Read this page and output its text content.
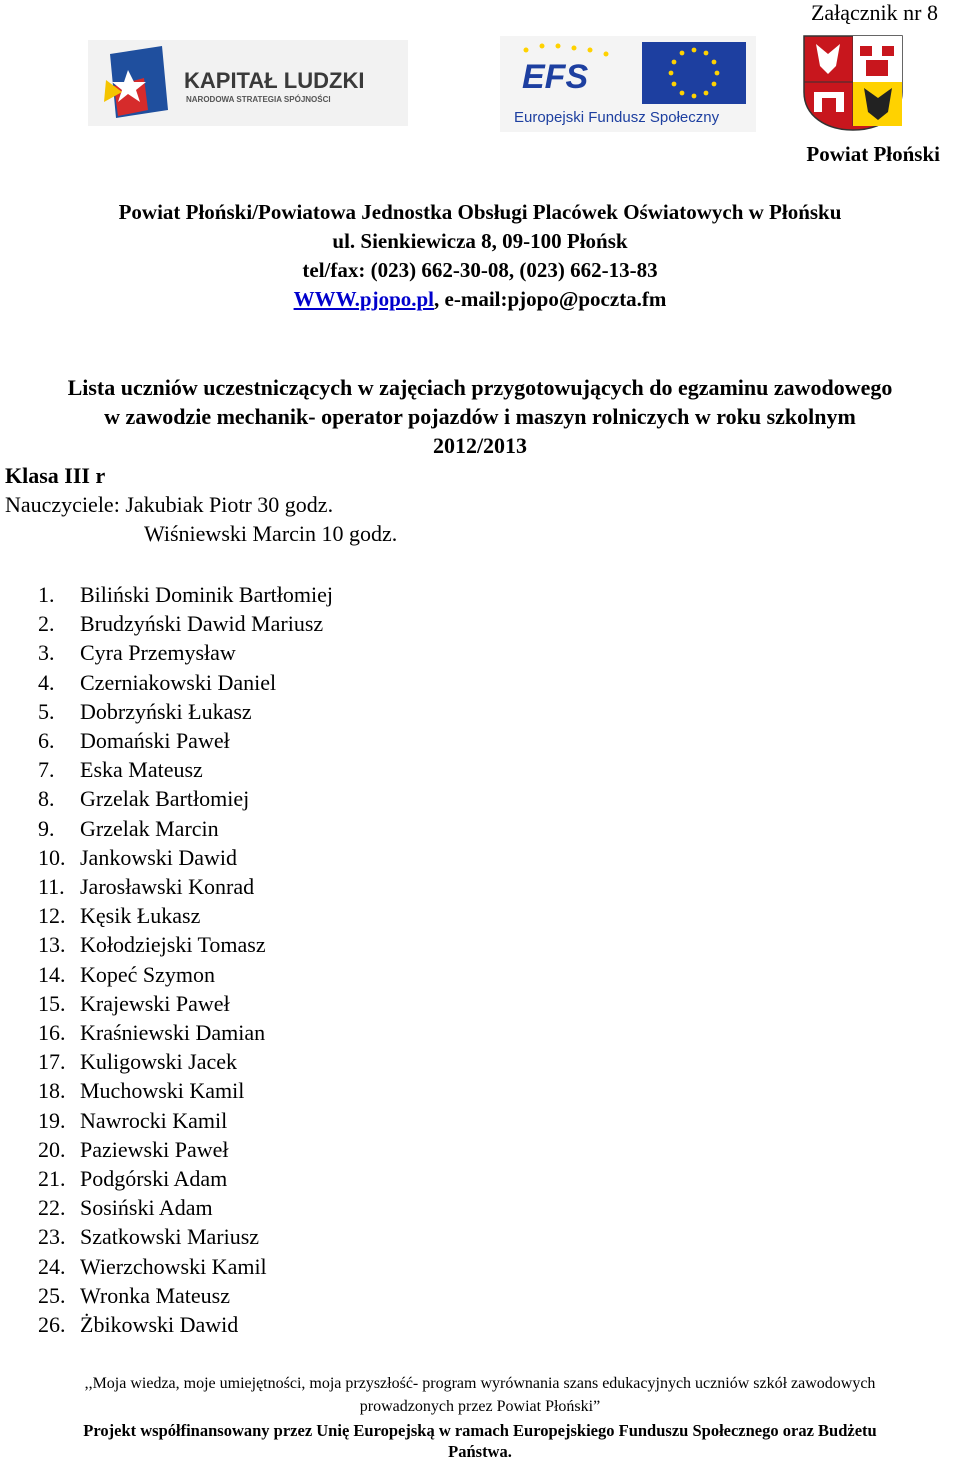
Załącznik nr 8
KAPITAŁ LUDZKI
NARODOWA STRATEGIA SPÓJNOŚCI
EFS
Europejski Fundusz Społeczny
Powiat Płoński
Powiat Płoński/Powiatowa Jednostka Obsługi Placówek Oświatowych w Płońsku
ul. Sienkiewicza 8, 09-100 Płońsk
tel/fax: (023) 662-30-08, (023) 662-13-83
WWW.pjopo.pl, e-mail:pjopo@poczta.fm
Lista uczniów uczestniczących w zajęciach przygotowujących do egzaminu zawodowego
w zawodzie mechanik- operator pojazdów i maszyn rolniczych w roku szkolnym
2012/2013
Klasa III r
Nauczyciele: Jakubiak Piotr 30 godz.
Wiśniewski Marcin 10 godz.
1. Biliński Dominik Bartłomiej
2. Brudzyński Dawid Mariusz
3. Cyra Przemysław
4. Czerniakowski Daniel
5. Dobrzyński Łukasz
6. Domański Paweł
7. Eska Mateusz
8. Grzelak Bartłomiej
9. Grzelak Marcin
10. Jankowski Dawid
11. Jarosławski Konrad
12. Kęsik Łukasz
13. Kołodziejski Tomasz
14. Kopeć Szymon
15. Krajewski Paweł
16. Kraśniewski Damian
17. Kuligowski Jacek
18. Muchowski Kamil
19. Nawrocki Kamil
20. Paziewski Paweł
21. Podgórski Adam
22. Sosiński Adam
23. Szatkowski Mariusz
24. Wierzchowski Kamil
25. Wronka Mateusz
26. Żbikowski Dawid
,,Moja wiedza, moje umiejętności, moja przyszłość- program wyrównania szans edukacyjnych uczniów szkół zawodowych
prowadzonych przez Powiat Płoński”
Projekt współfinansowany przez Unię Europejską w ramach Europejskiego Funduszu Społecznego oraz Budżetu
Państwa.
